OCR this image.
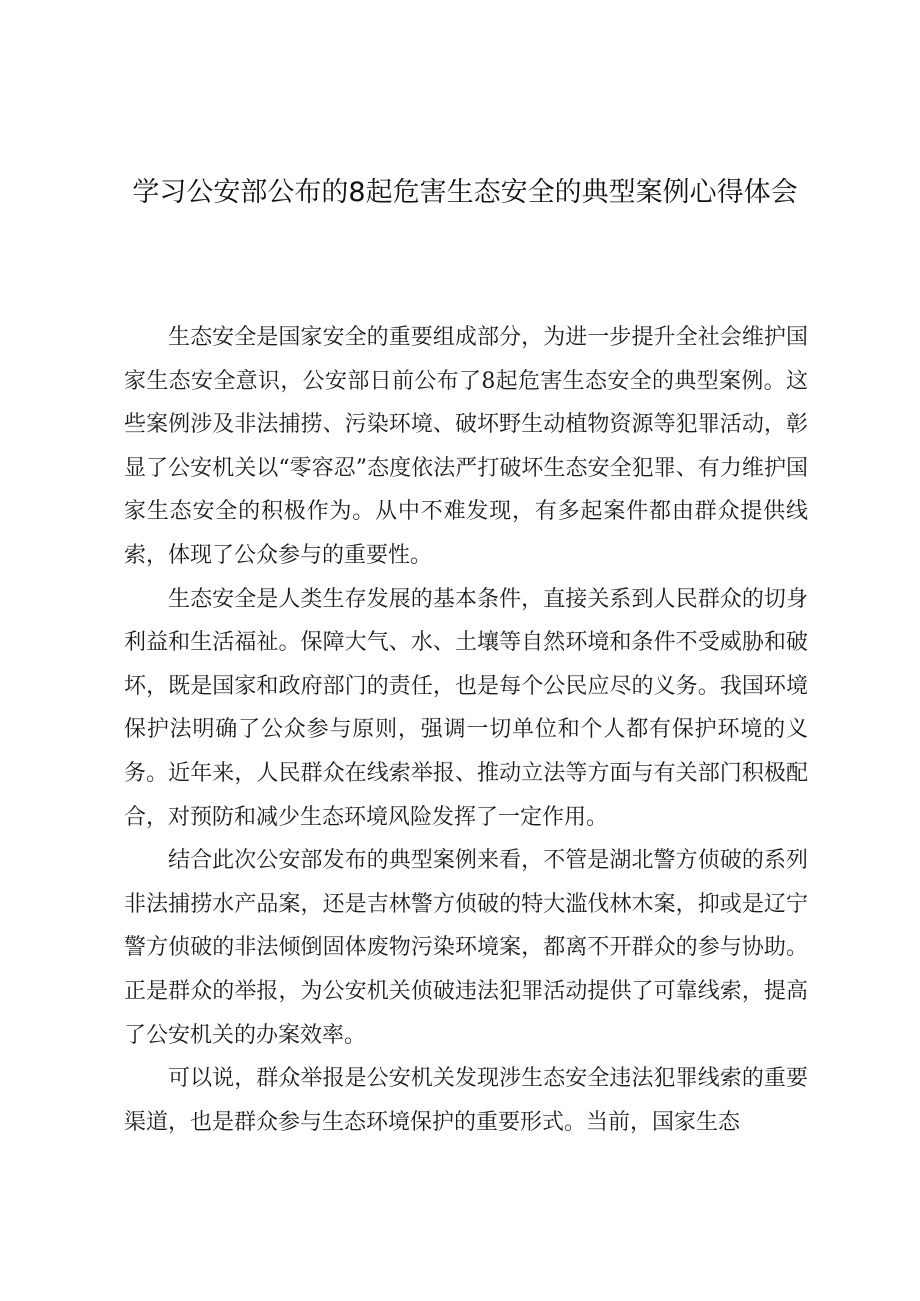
学习公安部公布的8起危害生态安全的典型案例心得体会

生态安全是国家安全的重要组成部分，为进一步提升全社会维护国家生态安全意识，公安部日前公布了8起危害生态安全的典型案例。这些案例涉及非法捕捞、污染环境、破坏野生动植物资源等犯罪活动，彰显了公安机关以“零容忍”态度依法严打破坏生态安全犯罪、有力维护国家生态安全的积极作为。从中不难发现，有多起案件都由群众提供线索，体现了公众参与的重要性。

生态安全是人类生存发展的基本条件，直接关系到人民群众的切身利益和生活福祉。保障大气、水、土壤等自然环境和条件不受威胁和破坏，既是国家和政府部门的责任，也是每个公民应尽的义务。我国环境保护法明确了公众参与原则，强调一切单位和个人都有保护环境的义务。近年来，人民群众在线索举报、推动立法等方面与有关部门积极配合，对预防和减少生态环境风险发挥了一定作用。

结合此次公安部发布的典型案例来看，不管是湖北警方侦破的系列非法捕捞水产品案，还是吉林警方侦破的特大滥伐林木案，抑或是辽宁警方侦破的非法倾倒固体废物污染环境案，都离不开群众的参与协助。正是群众的举报，为公安机关侦破违法犯罪活动提供了可靠线索，提高了公安机关的办案效率。

可以说，群众举报是公安机关发现涉生态安全违法犯罪线索的重要渠道，也是群众参与生态环境保护的重要形式。当前，国家生态
